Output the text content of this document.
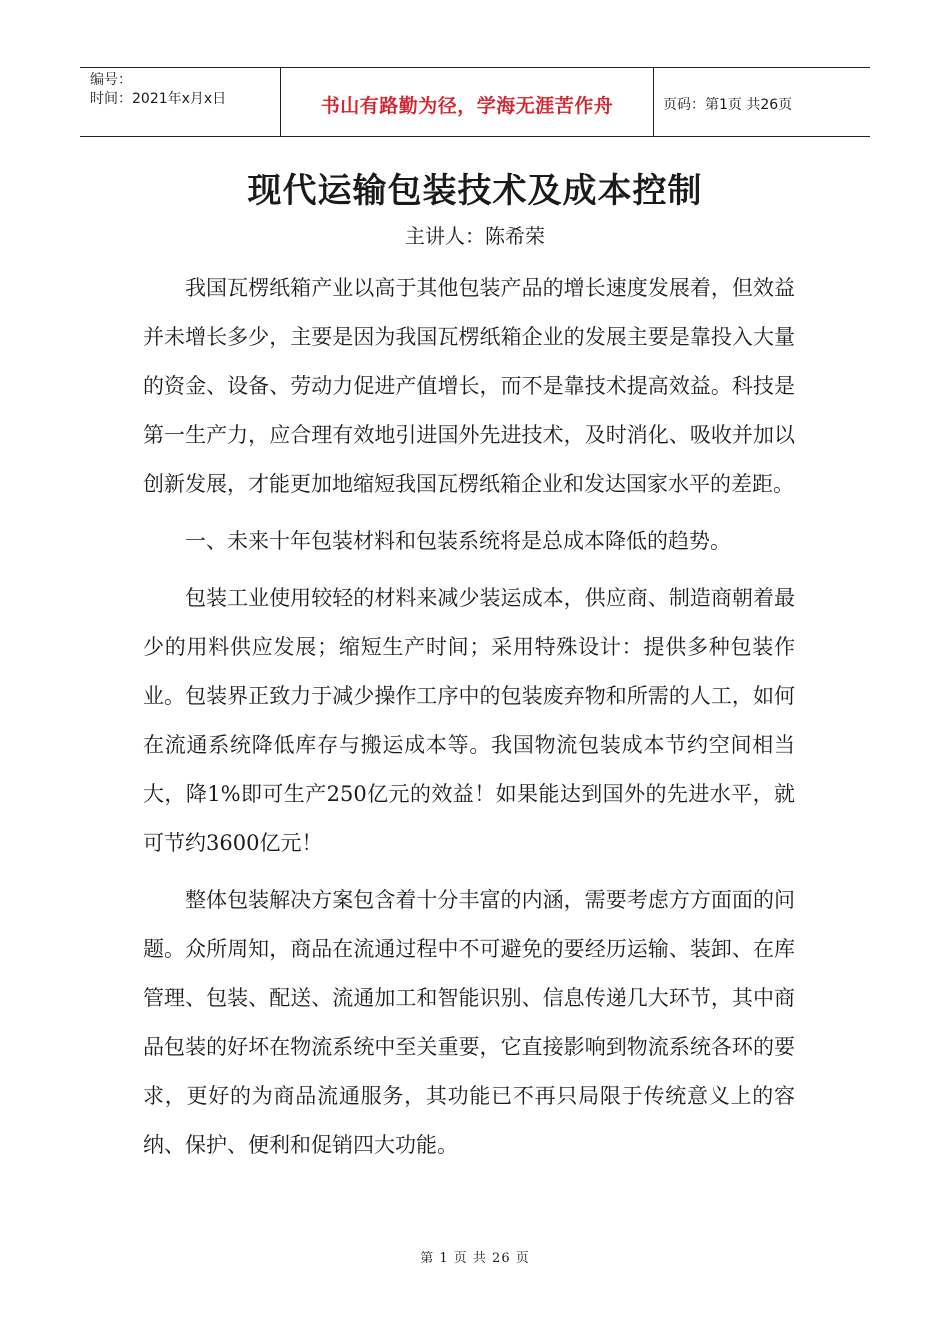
编号：
时间：2021年x月x日	书山有路勤为径，学海无涯苦作舟	页码：第1页 共26页
现代运输包装技术及成本控制

主讲人：陈希荣

我国瓦楞纸箱产业以高于其他包装产品的增长速度发展着，但效益并未增长多少，主要是因为我国瓦楞纸箱企业的发展主要是靠投入大量的资金、设备、劳动力促进产值增长，而不是靠技术提高效益。科技是第一生产力，应合理有效地引进国外先进技术，及时消化、吸收并加以创新发展，才能更加地缩短我国瓦楞纸箱企业和发达国家水平的差距。

一、未来十年包装材料和包装系统将是总成本降低的趋势。

包装工业使用较轻的材料来减少装运成本，供应商、制造商朝着最少的用料供应发展；缩短生产时间；采用特殊设计：提供多种包装作业。包装界正致力于减少操作工序中的包装废弃物和所需的人工，如何在流通系统降低库存与搬运成本等。我国物流包装成本节约空间相当大，降1%即可生产250亿元的效益！如果能达到国外的先进水平，就可节约3600亿元！

整体包装解决方案包含着十分丰富的内涵，需要考虑方方面面的问题。众所周知，商品在流通过程中不可避免的要经历运输、装卸、在库管理、包装、配送、流通加工和智能识别、信息传递几大环节，其中商品包装的好坏在物流系统中至关重要，它直接影响到物流系统各环的要求，更好的为商品流通服务，其功能已不再只局限于传统意义上的容纳、保护、便利和促销四大功能。

第 1 页 共 26 页
